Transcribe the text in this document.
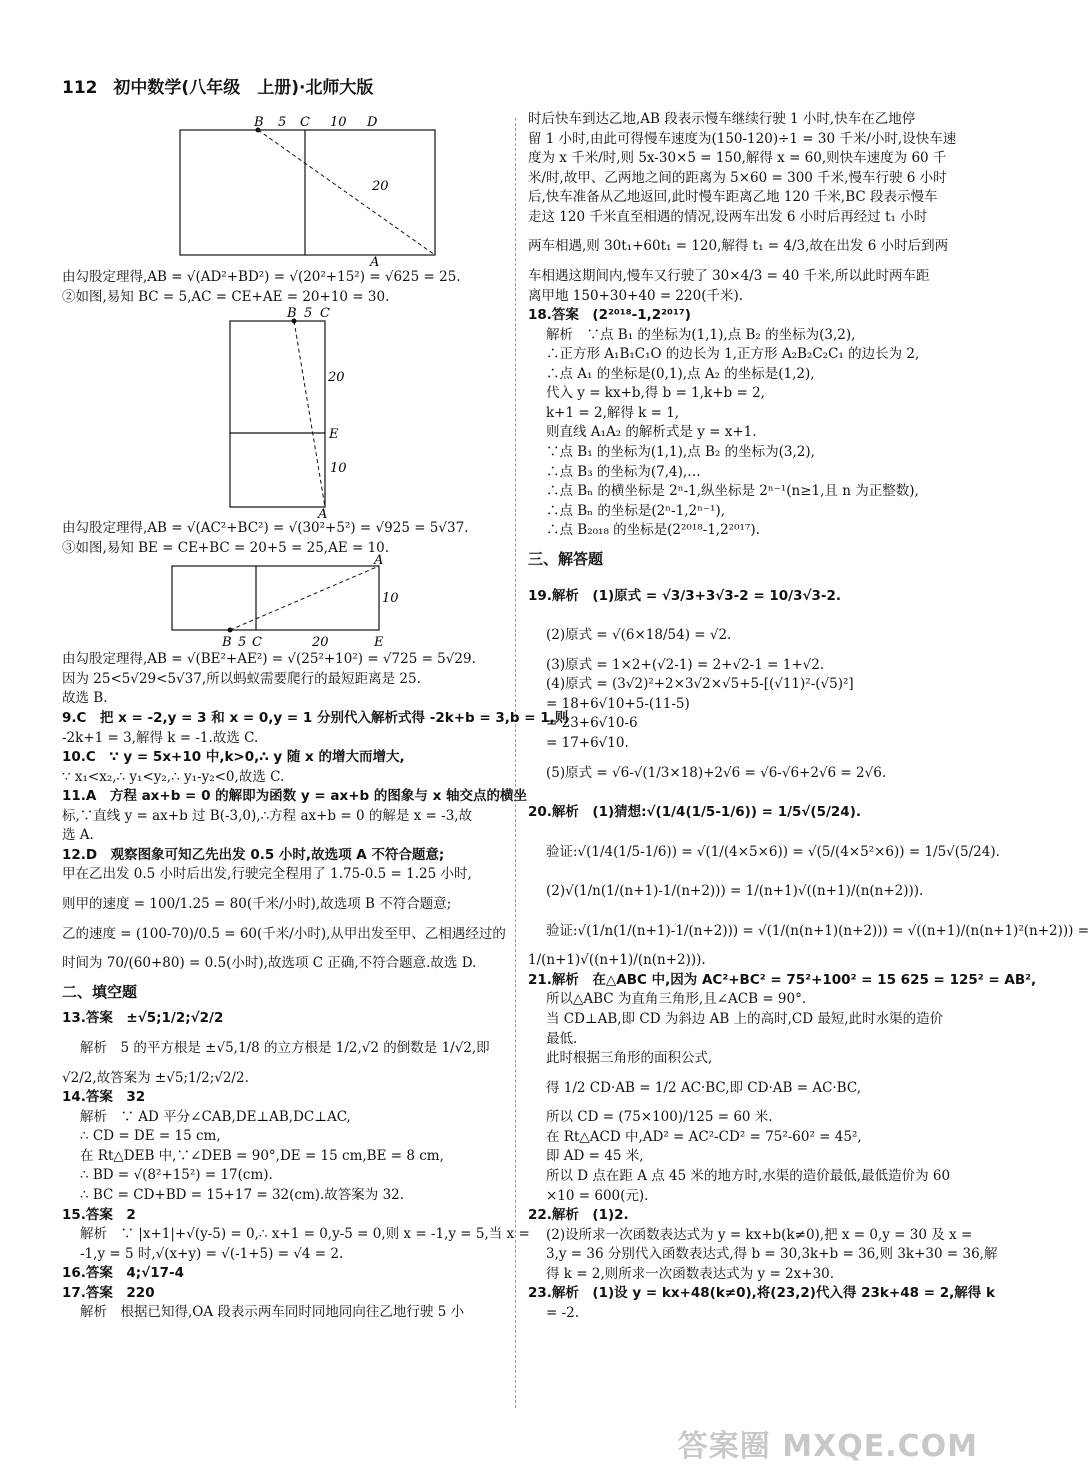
112 初中数学(八年级　上册)·北师大版
B 5 C 10 D
20
A

由勾股定理得,AB = √(AD²+BD²) = √(20²+15²) = √625 = 25.

②如图,易知 BC = 5,AC = CE+AE = 20+10 = 30.

B 5 C
20
E
10
A

由勾股定理得,AB = √(AC²+BC²) = √(30²+5²) = √925 = 5√37.

③如图,易知 BE = CE+BC = 20+5 = 25,AE = 10.

A
10
B 5 C	20	E

由勾股定理得,AB = √(BE²+AE²) = √(25²+10²) = √725 = 5√29.

因为 25<5√29<5√37,所以蚂蚁需要爬行的最短距离是 25.

故选 B.

9.C　把 x = -2,y = 3 和 x = 0,y = 1 分别代入解析式得 -2k+b = 3,b = 1,则

-2k+1 = 3,解得 k = -1.故选 C.

10.C　∵ y = 5x+10 中,k>0,∴ y 随 x 的增大而增大,

∵ x₁<x₂,∴ y₁<y₂,∴ y₁-y₂<0,故选 C.

11.A　方程 ax+b = 0 的解即为函数 y = ax+b 的图象与 x 轴交点的横坐

标,∵直线 y = ax+b 过 B(-3,0),∴方程 ax+b = 0 的解是 x = -3,故

选 A.

12.D　观察图象可知乙先出发 0.5 小时,故选项 A 不符合题意;

甲在乙出发 0.5 小时后出发,行驶完全程用了 1.75-0.5 = 1.25 小时,

则甲的速度 = 100/1.25 = 80(千米/小时),故选项 B 不符合题意;

乙的速度 = (100-70)/0.5 = 60(千米/小时),从甲出发至甲、乙相遇经过的

时间为 70/(60+80) = 0.5(小时),故选项 C 正确,不符合题意.故选 D.

二、填空题

13.答案　±√5;1/2;√2/2

解析　5 的平方根是 ±√5,1/8 的立方根是 1/2,√2 的倒数是 1/√2,即

√2/2,故答案为 ±√5;1/2;√2/2.

14.答案　32

解析　∵ AD 平分∠CAB,DE⊥AB,DC⊥AC,

∴ CD = DE = 15 cm,

在 Rt△DEB 中,∵∠DEB = 90°,DE = 15 cm,BE = 8 cm,

∴ BD = √(8²+15²) = 17(cm).

∴ BC = CD+BD = 15+17 = 32(cm).故答案为 32.

15.答案　2

解析　∵ |x+1|+√(y-5) = 0,∴ x+1 = 0,y-5 = 0,则 x = -1,y = 5,当 x =

-1,y = 5 时,√(x+y) = √(-1+5) = √4 = 2.

16.答案　4;√17-4

17.答案　220

解析　根据已知得,OA 段表示两车同时同地同向往乙地行驶 5 小

时后快车到达乙地,AB 段表示慢车继续行驶 1 小时,快车在乙地停

留 1 小时,由此可得慢车速度为(150-120)÷1 = 30 千米/小时,设快车速

度为 x 千米/时,则 5x-30×5 = 150,解得 x = 60,则快车速度为 60 千

米/时,故甲、乙两地之间的距离为 5×60 = 300 千米,慢车行驶 6 小时

后,快车准备从乙地返回,此时慢车距离乙地 120 千米,BC 段表示慢车

走这 120 千米直至相遇的情况,设两车出发 6 小时后再经过 t₁ 小时

两车相遇,则 30t₁+60t₁ = 120,解得 t₁ = 4/3,故在出发 6 小时后到两

车相遇这期间内,慢车又行驶了 30×4/3 = 40 千米,所以此时两车距

离甲地 150+30+40 = 220(千米).

18.答案　(2²⁰¹⁸-1,2²⁰¹⁷)

解析　∵点 B₁ 的坐标为(1,1),点 B₂ 的坐标为(3,2),

∴正方形 A₁B₁C₁O 的边长为 1,正方形 A₂B₂C₂C₁ 的边长为 2,

∴点 A₁ 的坐标是(0,1),点 A₂ 的坐标是(1,2),

代入 y = kx+b,得 b = 1,k+b = 2,

k+1 = 2,解得 k = 1,

则直线 A₁A₂ 的解析式是 y = x+1.

∵点 B₁ 的坐标为(1,1),点 B₂ 的坐标为(3,2),

∴点 B₃ 的坐标为(7,4),…

∴点 Bₙ 的横坐标是 2ⁿ-1,纵坐标是 2ⁿ⁻¹(n≥1,且 n 为正整数),

∴点 Bₙ 的坐标是(2ⁿ-1,2ⁿ⁻¹),

∴点 B₂₀₁₈ 的坐标是(2²⁰¹⁸-1,2²⁰¹⁷).

三、解答题

19.解析　(1)原式 = √3/3+3√3-2 = 10/3√3-2.

(2)原式 = √(6×18/54) = √2.

(3)原式 = 1×2+(√2-1) = 2+√2-1 = 1+√2.

(4)原式 = (3√2)²+2×3√2×√5+5-[(√11)²-(√5)²]

= 18+6√10+5-(11-5)

= 23+6√10-6

= 17+6√10.

(5)原式 = √6-√(1/3×18)+2√6 = √6-√6+2√6 = 2√6.

20.解析　(1)猜想:√(1/4(1/5-1/6)) = 1/5√(5/24).

验证:√(1/4(1/5-1/6)) = √(1/(4×5×6)) = √(5/(4×5²×6)) = 1/5√(5/24).

(2)√(1/n(1/(n+1)-1/(n+2))) = 1/(n+1)√((n+1)/(n(n+2))).

验证:√(1/n(1/(n+1)-1/(n+2))) = √(1/(n(n+1)(n+2))) = √((n+1)/(n(n+1)²(n+2))) =

1/(n+1)√((n+1)/(n(n+2))).

21.解析　在△ABC 中,因为 AC²+BC² = 75²+100² = 15 625 = 125² = AB²,

所以△ABC 为直角三角形,且∠ACB = 90°.

当 CD⊥AB,即 CD 为斜边 AB 上的高时,CD 最短,此时水渠的造价

最低.

此时根据三角形的面积公式,

得 1/2 CD·AB = 1/2 AC·BC,即 CD·AB = AC·BC,

所以 CD = (75×100)/125 = 60 米.

在 Rt△ACD 中,AD² = AC²-CD² = 75²-60² = 45²,

即 AD = 45 米,

所以 D 点在距 A 点 45 米的地方时,水渠的造价最低,最低造价为 60

×10 = 600(元).

22.解析　(1)2.

(2)设所求一次函数表达式为 y = kx+b(k≠0),把 x = 0,y = 30 及 x =

3,y = 36 分别代入函数表达式,得 b = 30,3k+b = 36,则 3k+30 = 36,解

得 k = 2,则所求一次函数表达式为 y = 2x+30.

23.解析　(1)设 y = kx+48(k≠0),将(23,2)代入得 23k+48 = 2,解得 k

= -2.

答案圈 MXQE.COM
